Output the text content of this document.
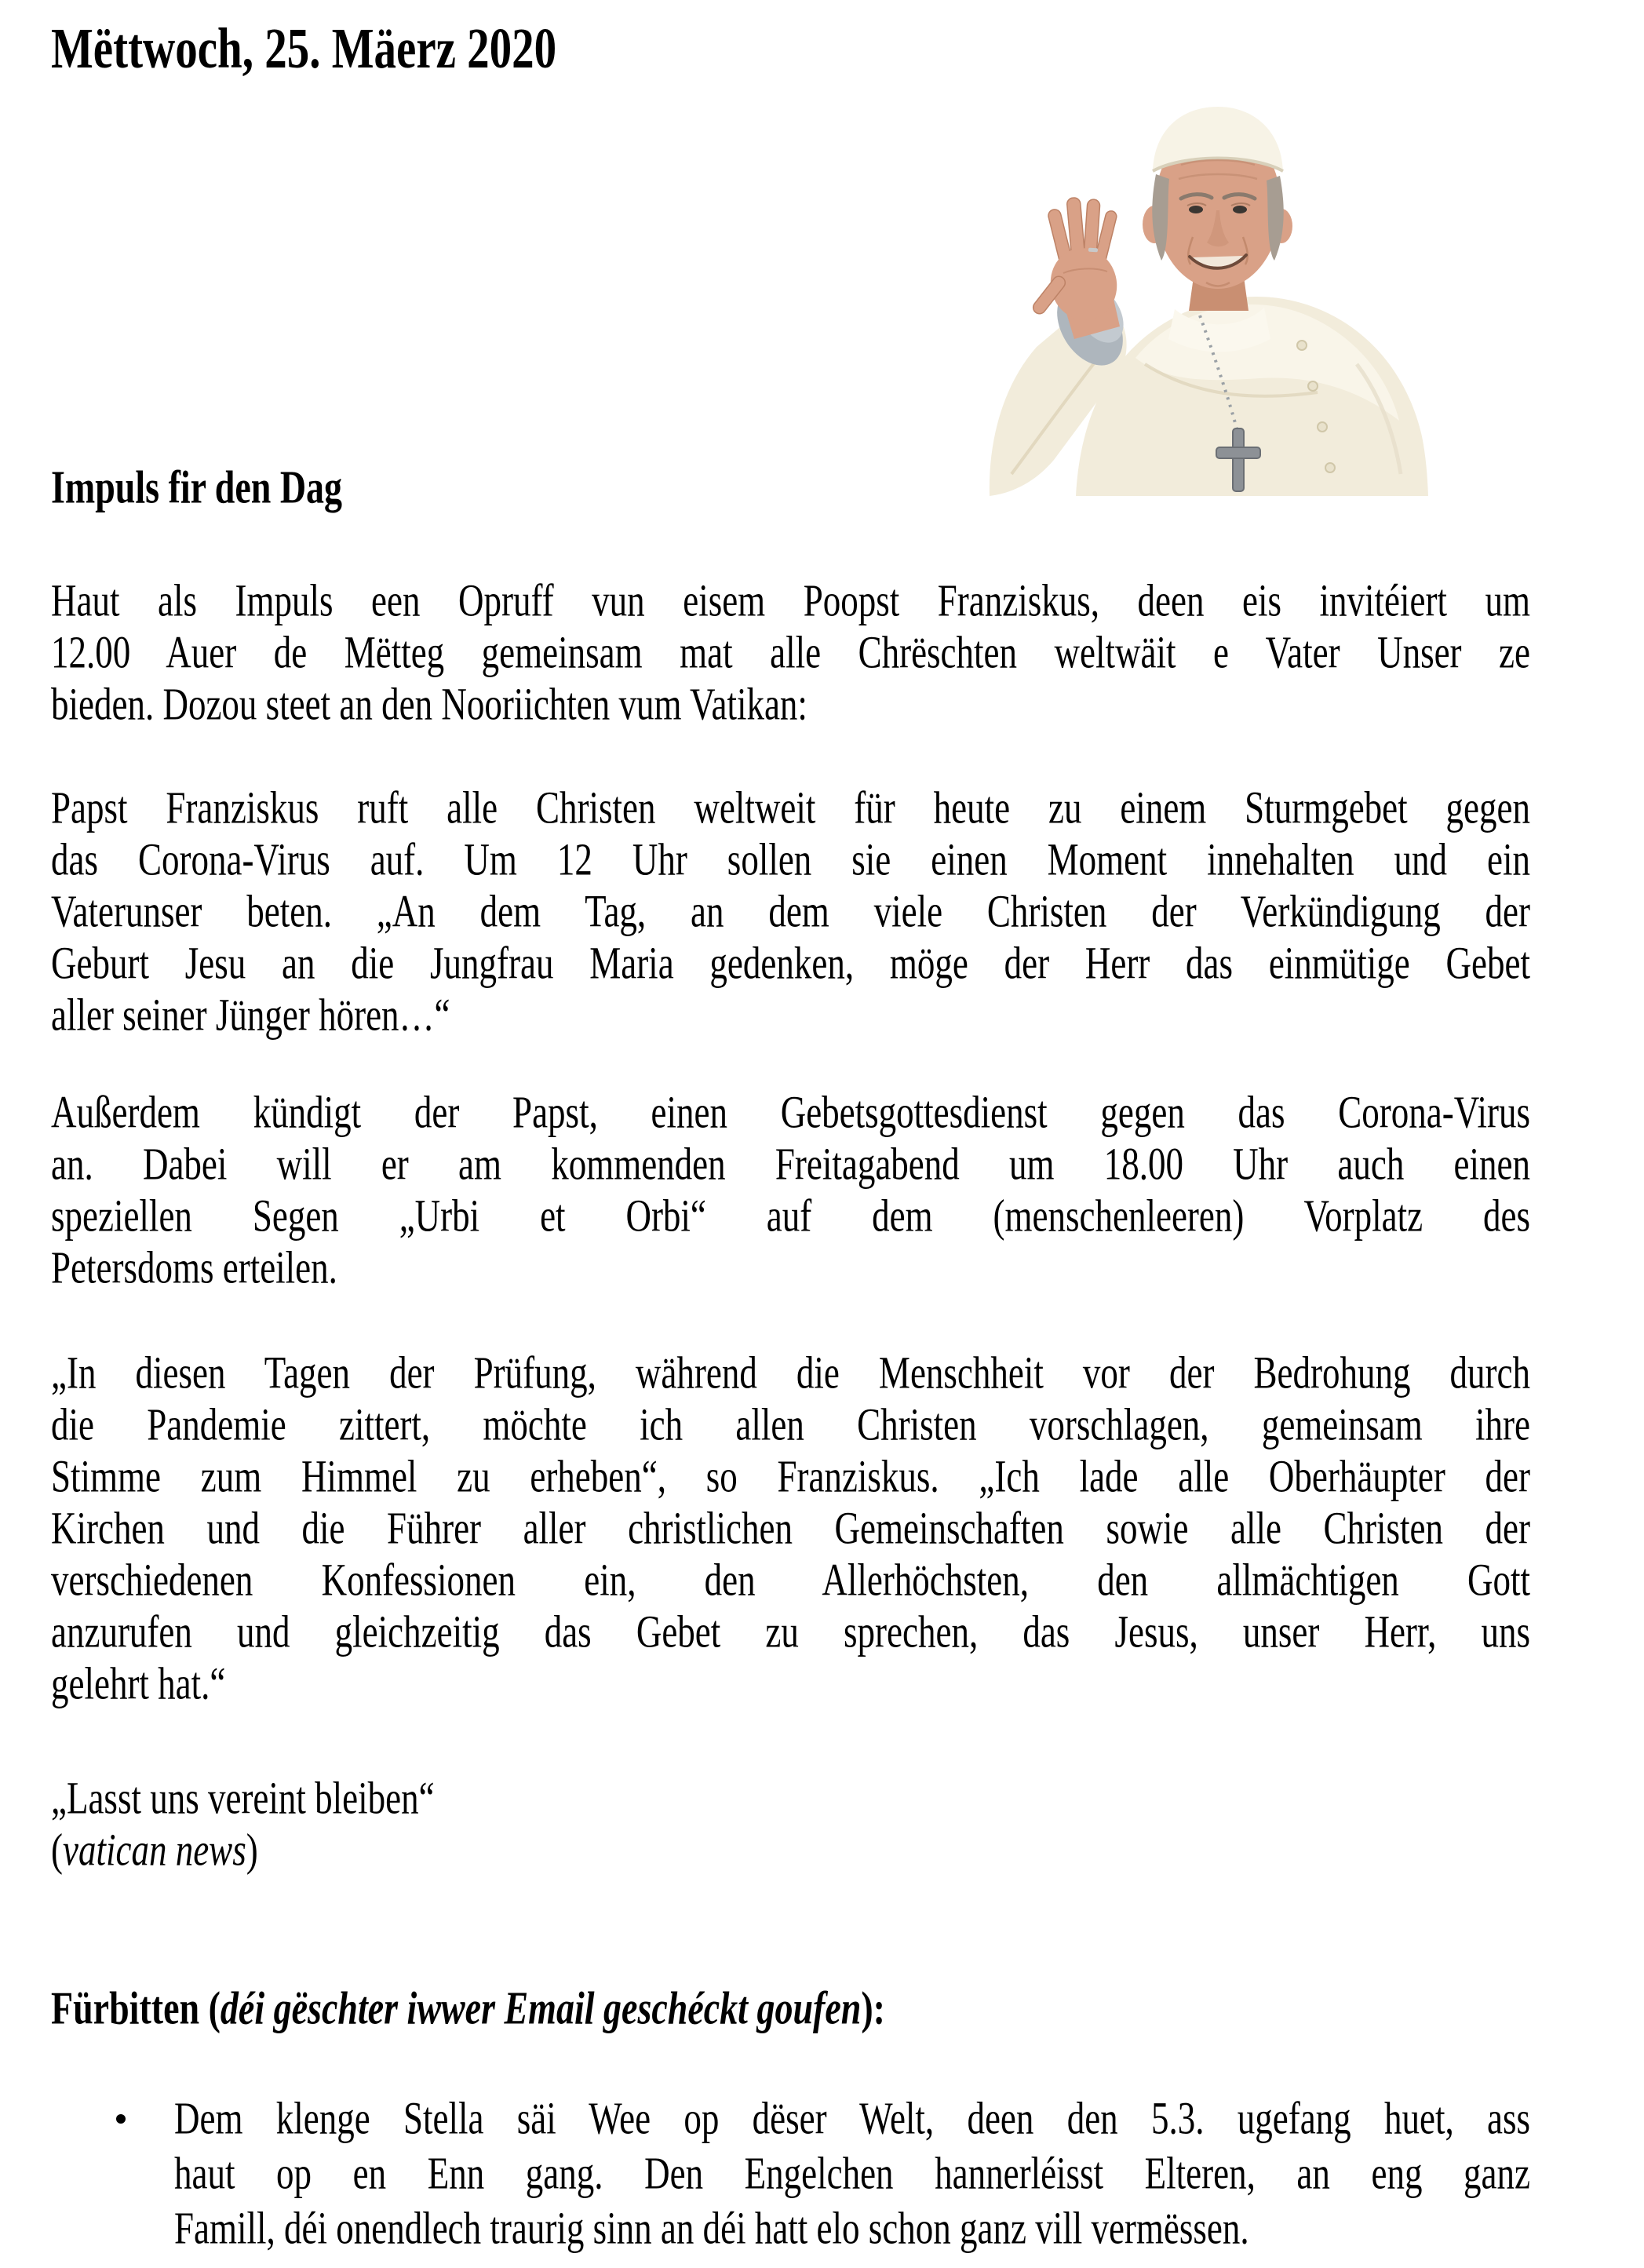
Mëttwoch, 25. Mäerz 2020
Impuls fir den Dag
Haut als Impuls een Opruff vun eisem Poopst Franziskus, deen eis invitéiert um
12.00 Auer de Mëtteg gemeinsam mat alle Chrëschten weltwäit e Vater Unser ze
bieden. Dozou steet an den Nooriichten vum Vatikan:
Papst Franziskus ruft alle Christen weltweit für heute zu einem Sturmgebet gegen
das Corona-Virus auf. Um 12 Uhr sollen sie einen Moment innehalten und ein
Vaterunser beten. „An dem Tag, an dem viele Christen der Verkündigung der
Geburt Jesu an die Jungfrau Maria gedenken, möge der Herr das einmütige Gebet
aller seiner Jünger hören…“
Außerdem kündigt der Papst, einen Gebetsgottesdienst gegen das Corona-Virus
an. Dabei will er am kommenden Freitagabend um 18.00 Uhr auch einen
speziellen Segen „Urbi et Orbi“ auf dem (menschenleeren) Vorplatz des
Petersdoms erteilen.
„In diesen Tagen der Prüfung, während die Menschheit vor der Bedrohung durch
die Pandemie zittert, möchte ich allen Christen vorschlagen, gemeinsam ihre
Stimme zum Himmel zu erheben“, so Franziskus. „Ich lade alle Oberhäupter der
Kirchen und die Führer aller christlichen Gemeinschaften sowie alle Christen der
verschiedenen Konfessionen ein, den Allerhöchsten, den allmächtigen Gott
anzurufen und gleichzeitig das Gebet zu sprechen, das Jesus, unser Herr, uns
gelehrt hat.“
„Lasst uns vereint bleiben“
(vatican news)
Fürbitten (déi gëschter iwwer Email geschéckt goufen):
Dem klenge Stella säi Wee op dëser Welt, deen den 5.3. ugefang huet, ass
haut op en Enn gang. Den Engelchen hannerléisst Elteren, an eng ganz
Famill, déi onendlech traurig sinn an déi hatt elo schon ganz vill vermëssen.
